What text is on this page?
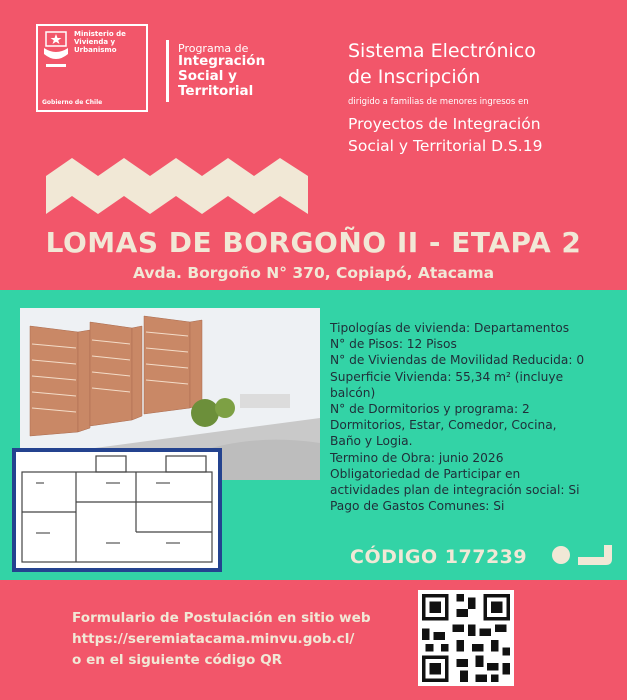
Ministerio de
Vivienda y
Urbanismo
Gobierno de Chile
Programa de
Integración
Social y
Territorial
Sistema Electrónico
de Inscripción
dirigido a familias de menores ingresos en
Proyectos de Integración
Social y Territorial D.S.19
LOMAS DE BORGOÑO II - ETAPA 2
Avda. Borgoño N° 370, Copiapó, Atacama
Tipologías de vivienda: Departamentos
N° de Pisos: 12 Pisos
N° de Viviendas de Movilidad Reducida: 0
Superficie Vivienda: 55,34 m² (incluye
balcón)
N° de Dormitorios y programa: 2
Dormitorios, Estar, Comedor, Cocina,
Baño y Logia.
Termino de Obra: junio 2026
Obligatoriedad de Participar en
actividades plan de integración social: Si
Pago de Gastos Comunes: Si
CÓDIGO 177239
Formulario de Postulación en sitio web
https://seremiatacama.minvu.gob.cl/
o en el siguiente código QR
